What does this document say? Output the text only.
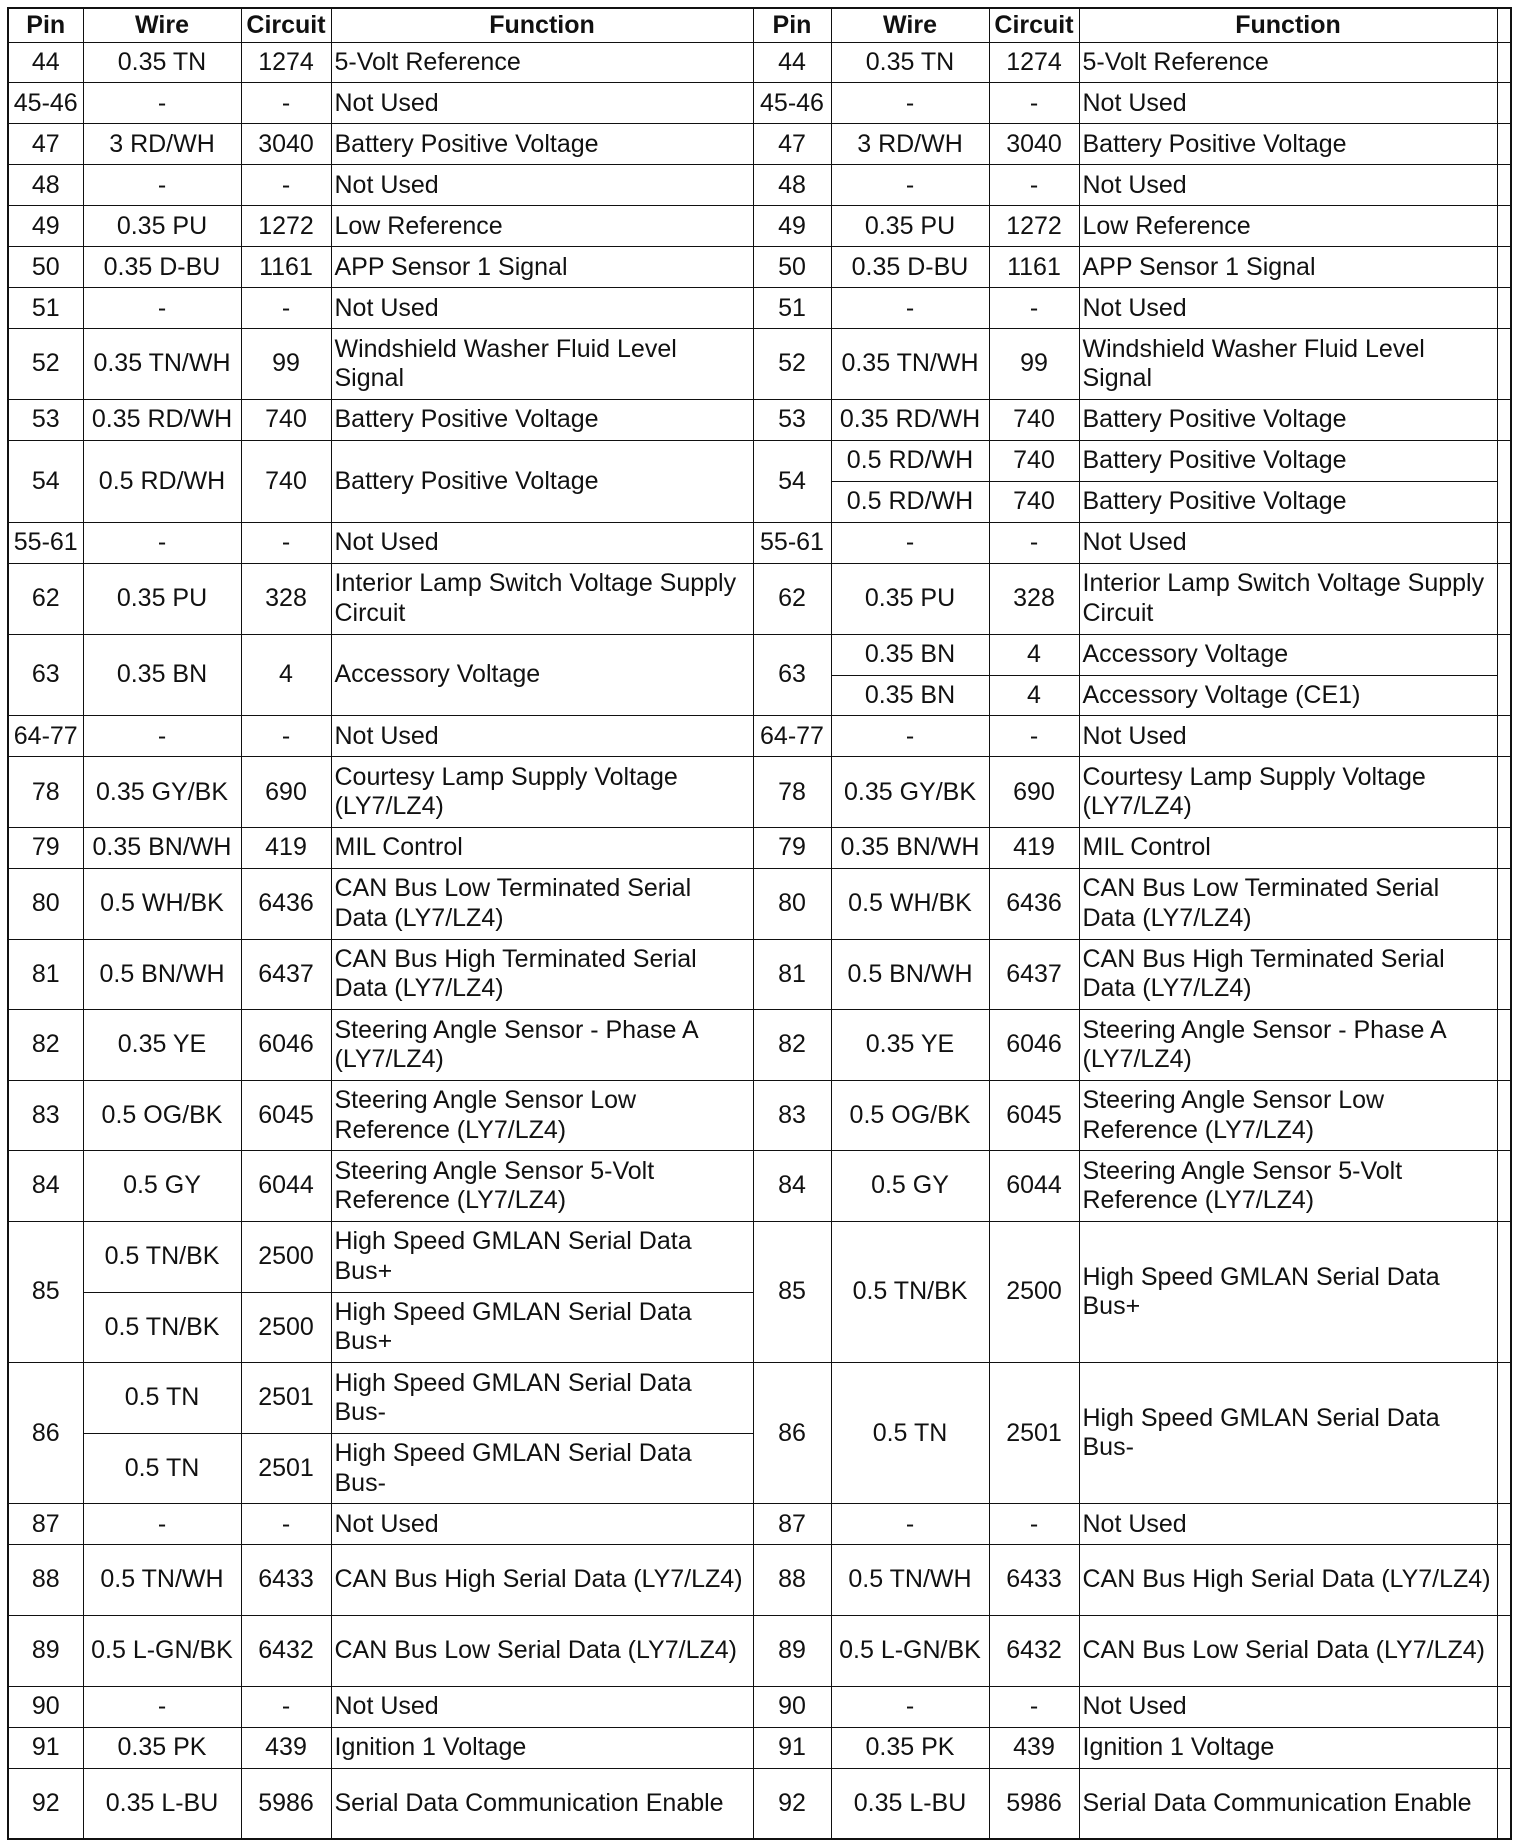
Pin	Wire	Circuit	Function	Pin	Wire	Circuit	Function	
44	0.35 TN	1274	5-Volt Reference	44	0.35 TN	1274	5-Volt Reference	
45-46	-	-	Not Used	45-46	-	-	Not Used	
47	3 RD/WH	3040	Battery Positive Voltage	47	3 RD/WH	3040	Battery Positive Voltage	
48	-	-	Not Used	48	-	-	Not Used	
49	0.35 PU	1272	Low Reference	49	0.35 PU	1272	Low Reference	
50	0.35 D-BU	1161	APP Sensor 1 Signal	50	0.35 D-BU	1161	APP Sensor 1 Signal	
51	-	-	Not Used	51	-	-	Not Used	
52	0.35 TN/WH	99	Windshield Washer Fluid Level Signal	52	0.35 TN/WH	99	Windshield Washer Fluid Level Signal	
53	0.35 RD/WH	740	Battery Positive Voltage	53	0.35 RD/WH	740	Battery Positive Voltage	
54	0.5 RD/WH	740	Battery Positive Voltage	54	0.5 RD/WH	740	Battery Positive Voltage	
					0.5 RD/WH	740	Battery Positive Voltage	
55-61	-	-	Not Used	55-61	-	-	Not Used	
62	0.35 PU	328	Interior Lamp Switch Voltage Supply Circuit	62	0.35 PU	328	Interior Lamp Switch Voltage Supply Circuit	
63	0.35 BN	4	Accessory Voltage	63	0.35 BN	4	Accessory Voltage	
					0.35 BN	4	Accessory Voltage (CE1)	
64-77	-	-	Not Used	64-77	-	-	Not Used	
78	0.35 GY/BK	690	Courtesy Lamp Supply Voltage (LY7/LZ4)	78	0.35 GY/BK	690	Courtesy Lamp Supply Voltage (LY7/LZ4)	
79	0.35 BN/WH	419	MIL Control	79	0.35 BN/WH	419	MIL Control	
80	0.5 WH/BK	6436	CAN Bus Low Terminated Serial Data (LY7/LZ4)	80	0.5 WH/BK	6436	CAN Bus Low Terminated Serial Data (LY7/LZ4)	
81	0.5 BN/WH	6437	CAN Bus High Terminated Serial Data (LY7/LZ4)	81	0.5 BN/WH	6437	CAN Bus High Terminated Serial Data (LY7/LZ4)	
82	0.35 YE	6046	Steering Angle Sensor - Phase A (LY7/LZ4)	82	0.35 YE	6046	Steering Angle Sensor - Phase A (LY7/LZ4)	
83	0.5 OG/BK	6045	Steering Angle Sensor Low Reference (LY7/LZ4)	83	0.5 OG/BK	6045	Steering Angle Sensor Low Reference (LY7/LZ4)	
84	0.5 GY	6044	Steering Angle Sensor 5-Volt Reference (LY7/LZ4)	84	0.5 GY	6044	Steering Angle Sensor 5-Volt Reference (LY7/LZ4)	
85	0.5 TN/BK	2500	High Speed GMLAN Serial Data Bus+	85	0.5 TN/BK	2500	High Speed GMLAN Serial Data Bus+	
	0.5 TN/BK	2500	High Speed GMLAN Serial Data Bus+					
86	0.5 TN	2501	High Speed GMLAN Serial Data Bus-	86	0.5 TN	2501	High Speed GMLAN Serial Data Bus-	
	0.5 TN	2501	High Speed GMLAN Serial Data Bus-					
87	-	-	Not Used	87	-	-	Not Used	
88	0.5 TN/WH	6433	CAN Bus High Serial Data (LY7/LZ4)	88	0.5 TN/WH	6433	CAN Bus High Serial Data (LY7/LZ4)	
89	0.5 L-GN/BK	6432	CAN Bus Low Serial Data (LY7/LZ4)	89	0.5 L-GN/BK	6432	CAN Bus Low Serial Data (LY7/LZ4)	
90	-	-	Not Used	90	-	-	Not Used	
91	0.35 PK	439	Ignition 1 Voltage	91	0.35 PK	439	Ignition 1 Voltage	
92	0.35 L-BU	5986	Serial Data Communication Enable	92	0.35 L-BU	5986	Serial Data Communication Enable	
